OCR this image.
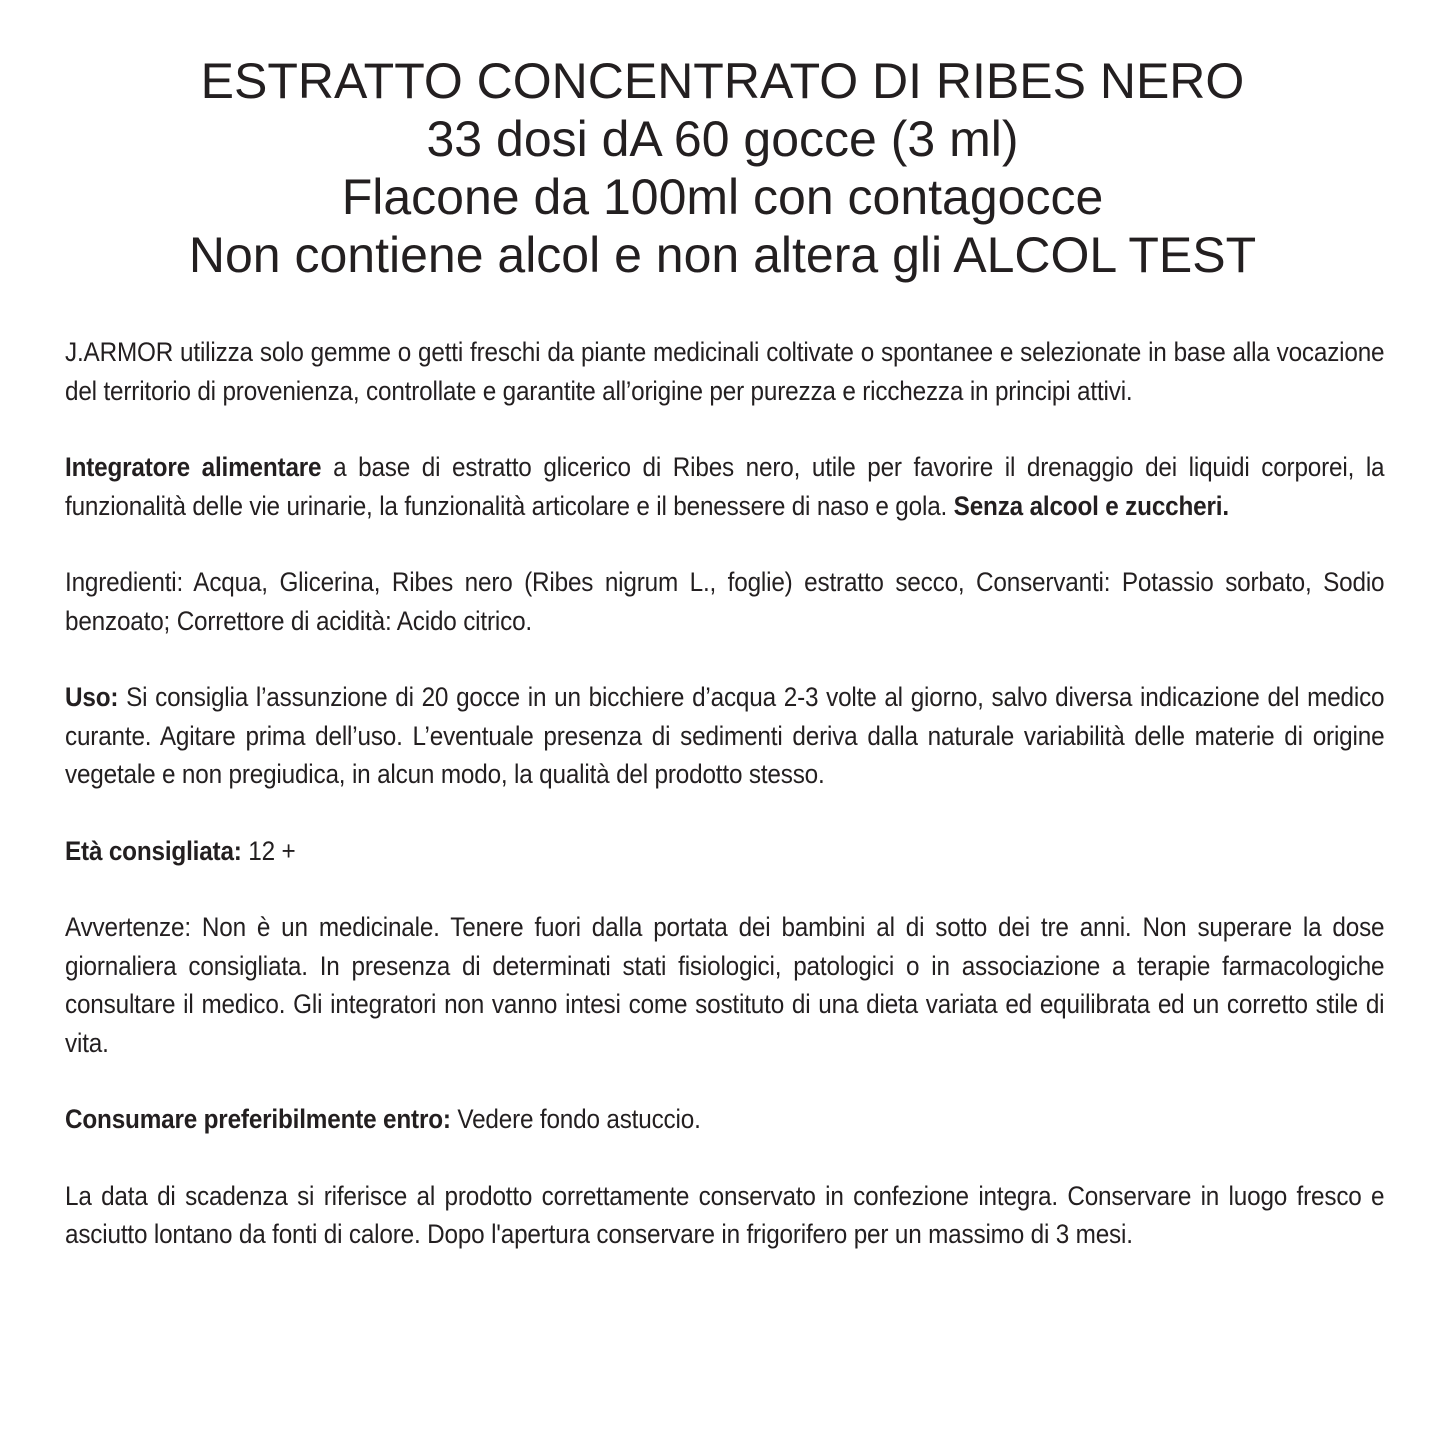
ESTRATTO CONCENTRATO DI RIBES NERO
33 dosi dA 60 gocce (3 ml)
Flacone da 100ml con contagocce
Non contiene alcol e non altera gli ALCOL TEST

J.ARMOR utilizza solo gemme o getti freschi da piante medicinali coltivate o spontanee e selezionate in base alla vocazione del territorio di provenienza, controllate e garantite all’origine per purezza e ricchezza in principi attivi.

Integratore alimentare a base di estratto glicerico di Ribes nero, utile per favorire il drenaggio dei liquidi corporei, la funzionalità delle vie urinarie, la funzionalità articolare e il benessere di naso e gola. Senza alcool e zuccheri.

Ingredienti: Acqua, Glicerina, Ribes nero (Ribes nigrum L., foglie) estratto secco, Conservanti: Potassio sorbato, Sodio benzoato; Correttore di acidità: Acido citrico.

Uso: Si consiglia l’assunzione di 20 gocce in un bicchiere d’acqua 2-3 volte al giorno, salvo diversa indicazione del medico curante. Agitare prima dell’uso. L’eventuale presenza di sedimenti deriva dalla naturale variabilità delle materie di origine vegetale e non pregiudica, in alcun modo, la qualità del prodotto stesso.

Età consigliata: 12 +

Avvertenze: Non è un medicinale. Tenere fuori dalla portata dei bambini al di sotto dei tre anni. Non superare la dose giornaliera consigliata. In presenza di determinati stati fisiologici, patologici o in associazione a terapie farmacologiche consultare il medico. Gli integratori non vanno intesi come sostituto di una dieta variata ed equilibrata ed un corretto stile di vita.

Consumare preferibilmente entro: Vedere fondo astuccio.

La data di scadenza si riferisce al prodotto correttamente conservato in confezione integra. Conservare in luogo fresco e asciutto lontano da fonti di calore. Dopo l'apertura conservare in frigorifero per un massimo di 3 mesi.
